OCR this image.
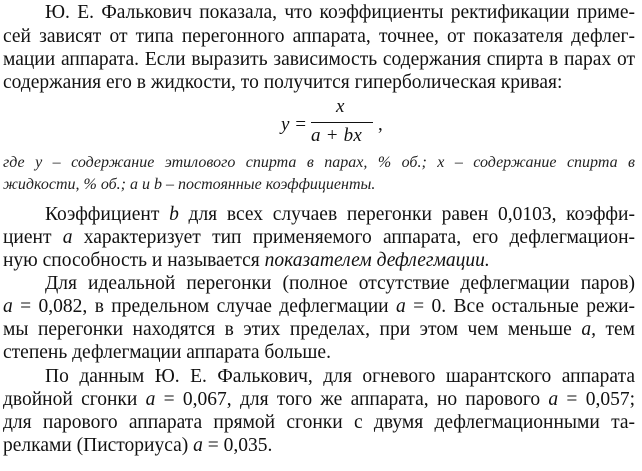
Ю. Е. Фалькович показала, что коэффициенты ректификации приме-
сей зависят от типа перегонного аппарата, точнее, от показателя дефлег-
мации аппарата. Если выразить зависимость содержания спирта в парах от
содержания его в жидкости, то получится гиперболическая кривая:
y =
x
a + bx
,
где y – содержание этилового спирта в парах, % об.; x – содержание спирта в
жидкости, % об.; a и b – постоянные коэффициенты.
Коэффициент b для всех случаев перегонки равен 0,0103, коэффи-
циент a характеризует тип применяемого аппарата, его дефлегмацион-
ную способность и называется показателем дефлегмации.
Для идеальной перегонки (полное отсутствие дефлегмации паров)
a = 0,082, в предельном случае дефлегмации a = 0. Все остальные режи-
мы перегонки находятся в этих пределах, при этом чем меньше a, тем
степень дефлегмации аппарата больше.
По данным Ю. Е. Фалькович, для огневого шарантского аппарата
двойной сгонки a = 0,067, для того же аппарата, но парового a = 0,057;
для парового аппарата прямой сгонки с двумя дефлегмационными та-
релками (Писториуса) a = 0,035.
